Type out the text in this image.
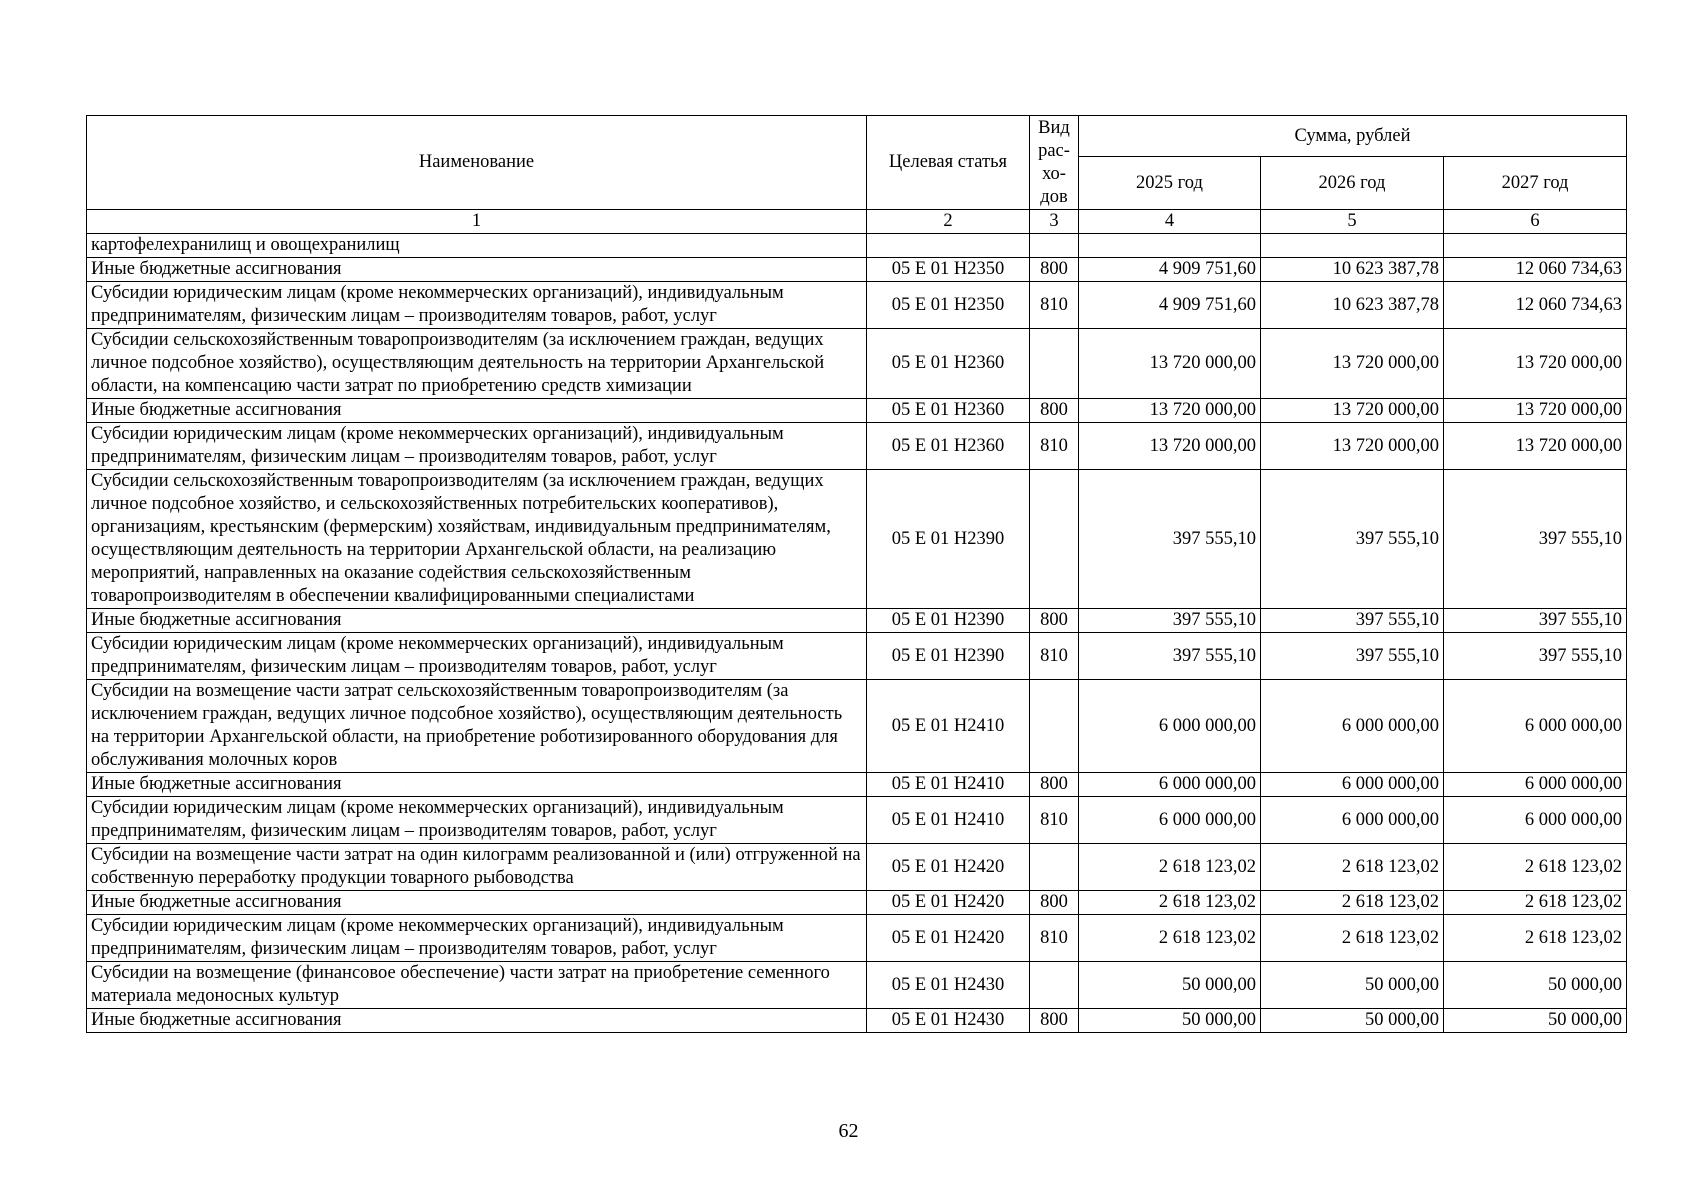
Наименование	Целевая статья	Вид рас- хо- дов	Сумма, рублей		
			2025 год	2026 год	2027 год
1	2	3	4	5	6
картофелехранилищ и овощехранилищ					
Иные бюджетные ассигнования	05 Е 01 Н2350	800	4 909 751,60	10 623 387,78	12 060 734,63
Субсидии юридическим лицам (кроме некоммерческих организаций), индивидуальным предпринимателям, физическим лицам – производителям товаров, работ, услуг	05 Е 01 Н2350	810	4 909 751,60	10 623 387,78	12 060 734,63
Субсидии сельскохозяйственным товаропроизводителям (за исключением граждан, ведущих личное подсобное хозяйство), осуществляющим деятельность на территории Архангельской области, на компенсацию части затрат по приобретению средств химизации	05 Е 01 Н2360		13 720 000,00	13 720 000,00	13 720 000,00
Иные бюджетные ассигнования	05 Е 01 Н2360	800	13 720 000,00	13 720 000,00	13 720 000,00
Субсидии юридическим лицам (кроме некоммерческих организаций), индивидуальным предпринимателям, физическим лицам – производителям товаров, работ, услуг	05 Е 01 Н2360	810	13 720 000,00	13 720 000,00	13 720 000,00
Субсидии сельскохозяйственным товаропроизводителям (за исключением граждан, ведущих личное подсобное хозяйство, и сельскохозяйственных потребительских кооперативов), организациям, крестьянским (фермерским) хозяйствам, индивидуальным предпринимателям, осуществляющим деятельность на территории Архангельской области, на реализацию мероприятий, направленных на оказание содействия сельскохозяйственным товаропроизводителям в обеспечении квалифицированными специалистами	05 Е 01 Н2390		397 555,10	397 555,10	397 555,10
Иные бюджетные ассигнования	05 Е 01 Н2390	800	397 555,10	397 555,10	397 555,10
Субсидии юридическим лицам (кроме некоммерческих организаций), индивидуальным предпринимателям, физическим лицам – производителям товаров, работ, услуг	05 Е 01 Н2390	810	397 555,10	397 555,10	397 555,10
Субсидии на возмещение части затрат сельскохозяйственным товаропроизводителям (за исключением граждан, ведущих личное подсобное хозяйство), осуществляющим деятельность на территории Архангельской области, на приобретение роботизированного оборудования для обслуживания молочных коров	05 Е 01 Н2410		6 000 000,00	6 000 000,00	6 000 000,00
Иные бюджетные ассигнования	05 Е 01 Н2410	800	6 000 000,00	6 000 000,00	6 000 000,00
Субсидии юридическим лицам (кроме некоммерческих организаций), индивидуальным предпринимателям, физическим лицам – производителям товаров, работ, услуг	05 Е 01 Н2410	810	6 000 000,00	6 000 000,00	6 000 000,00
Субсидии на возмещение части затрат на один килограмм реализованной и (или) отгруженной на собственную переработку продукции товарного рыбоводства	05 Е 01 Н2420		2 618 123,02	2 618 123,02	2 618 123,02
Иные бюджетные ассигнования	05 Е 01 Н2420	800	2 618 123,02	2 618 123,02	2 618 123,02
Субсидии юридическим лицам (кроме некоммерческих организаций), индивидуальным предпринимателям, физическим лицам – производителям товаров, работ, услуг	05 Е 01 Н2420	810	2 618 123,02	2 618 123,02	2 618 123,02
Субсидии на возмещение (финансовое обеспечение) части затрат на приобретение семенного материала медоносных культур	05 Е 01 Н2430		50 000,00	50 000,00	50 000,00
Иные бюджетные ассигнования	05 Е 01 Н2430	800	50 000,00	50 000,00	50 000,00
62
